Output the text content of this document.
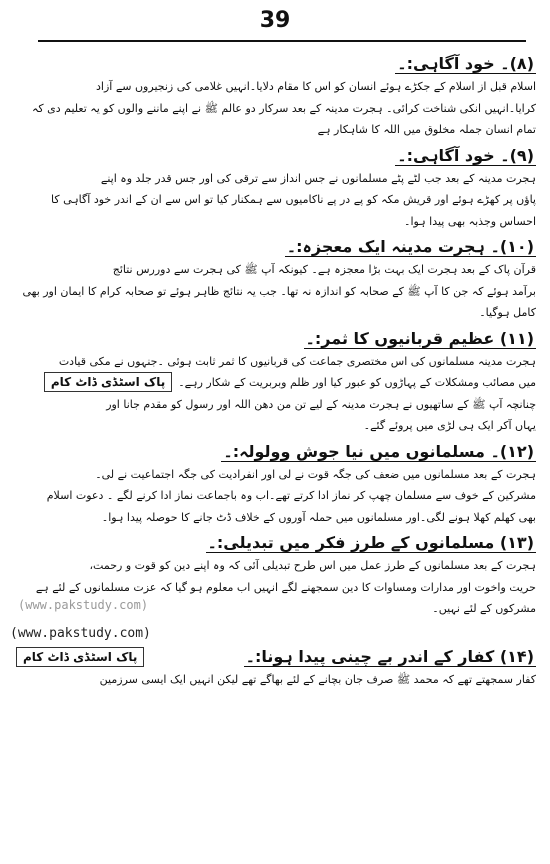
39
(www.pakstudy.com)

(۸)۔ خود آگاہی:۔

اسلام قبل از اسلام کے جکڑے ہوئے انسان کو اس کا مقام دلایا۔انہیں غلامی کی زنجیروں سے آزاد

کرایا۔انہیں انکی شناخت کرائی۔ ہجرت مدینہ کے بعد سرکار دو عالم ﷺ نے اپنے ماننے والوں کو یہ تعلیم دی کہ

تمام انسان جملہ مخلوق میں اللہ کا شاہکار ہے

(۹)۔ خود آگاہی:۔

ہجرت مدینہ کے بعد جب لٹے پٹے مسلمانوں نے جس انداز سے ترقی کی اور جس قدر جلد وہ اپنے

پاؤں پر کھڑے ہوئے اور قریش مکہ کو پے در پے ناکامیوں سے ہمکنار کیا تو اس سے ان کے اندر خود آگاہی کا

احساس وجذبہ بھی پیدا ہوا۔

(۱۰)۔ ہجرت مدینہ ایک معجزہ:۔

قرآن پاک کے بعد ہجرت ایک بہت بڑا معجزہ ہے۔ کیونکہ آپ ﷺ کی ہجرت سے دوررس نتائج

برآمد ہوئے کہ جن کا آپ ﷺ کے صحابہ کو اندازہ نہ تھا۔ جب یہ نتائج ظاہر ہوئے تو صحابہ کرام کا ایمان اور بھی

کامل ہوگیا۔

(۱۱) عظیم قربانیوں کا ثمر:۔

ہجرت مدینہ مسلمانوں کی اس مختصری جماعت کی قربانیوں کا ثمر ثابت ہوئی ۔جنہوں نے مکی قیادت

میں مصائب ومشکلات کے پہاڑوں کو عبور کیا اور ظلم وبربریت کے شکار رہے۔پاک اسٹڈی ڈاٹ کام

چنانچہ آپ ﷺ کے ساتھیوں نے ہجرت مدینہ کے لیے تن من دھن اللہ اور رسول کو مقدم جانا اور

یہاں آکر ایک ہی لڑی میں پروئے گئے۔

(۱۲)۔ مسلمانوں میں نیا جوش وولولہ:۔

ہجرت کے بعد مسلمانوں میں ضعف کی جگہ قوت نے لی اور انفرادیت کی جگہ اجتماعیت نے لی۔

مشرکین کے خوف سے مسلمان چھپ کر نماز ادا کرتے تھے۔اب وہ باجماعت نماز ادا کرنے لگے ۔ دعوت اسلام

بھی کھلم کھلا ہونے لگی۔اور مسلمانوں میں حملہ آوروں کے خلاف ڈٹ جانے کا حوصلہ پیدا ہوا۔

(۱۳) مسلمانوں کے طرز فکر میں تبدیلی:۔

ہجرت کے بعد مسلمانوں کے طرز عمل میں اس طرح تبدیلی آئی کہ وہ اپنے دین کو قوت و رحمت،

حریت واخوت اور مدارات ومساوات کا دین سمجھنے لگے انہیں اب معلوم ہو گیا کہ عزت مسلمانوں کے لئے ہے

مشرکوں کے لئے نہیں۔

(www.pakstudy.com)

(۱۴) کفار کے اندر بے چینی پیدا ہونا:۔

پاک اسٹڈی ڈاٹ کام

کفار سمجھتے تھے کہ محمد ﷺ صرف جان بچانے کے لئے بھاگے تھے لیکن انہیں ایک ایسی سرزمین
